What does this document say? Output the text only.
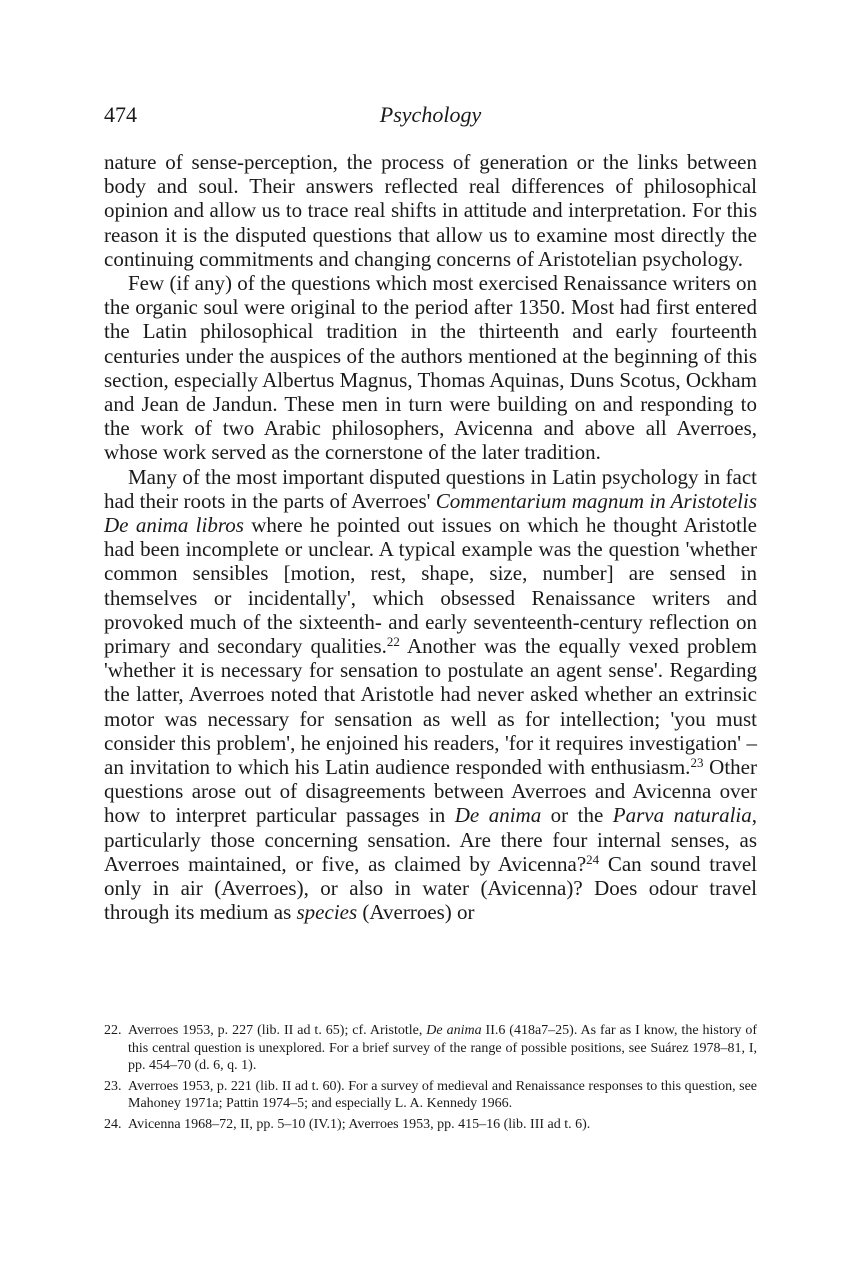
474	Psychology

nature of sense-perception, the process of generation or the links between body and soul. Their answers reflected real differences of philosophical opinion and allow us to trace real shifts in attitude and interpretation. For this reason it is the disputed questions that allow us to examine most directly the continuing commitments and changing concerns of Aristotelian psychology.

Few (if any) of the questions which most exercised Renaissance writers on the organic soul were original to the period after 1350. Most had first entered the Latin philosophical tradition in the thirteenth and early fourteenth centuries under the auspices of the authors mentioned at the beginning of this section, especially Albertus Magnus, Thomas Aquinas, Duns Scotus, Ockham and Jean de Jandun. These men in turn were building on and responding to the work of two Arabic philosophers, Avicenna and above all Averroes, whose work served as the cornerstone of the later tradition.

Many of the most important disputed questions in Latin psychology in fact had their roots in the parts of Averroes' Commentarium magnum in Aristotelis De anima libros where he pointed out issues on which he thought Aristotle had been incomplete or unclear. A typical example was the question 'whether common sensibles [motion, rest, shape, size, number] are sensed in themselves or incidentally', which obsessed Renaissance writers and provoked much of the sixteenth- and early seventeenth-century reflection on primary and secondary qualities.$^{22}$ Another was the equally vexed problem 'whether it is necessary for sensation to postulate an agent sense'. Regarding the latter, Averroes noted that Aristotle had never asked whether an extrinsic motor was necessary for sensation as well as for intellection; 'you must consider this problem', he enjoined his readers, 'for it requires investigation' – an invitation to which his Latin audience responded with enthusiasm.$^{23}$ Other questions arose out of disagreements between Averroes and Avicenna over how to interpret particular passages in De anima or the Parva naturalia, particularly those concerning sensation. Are there four internal senses, as Averroes maintained, or five, as claimed by Avicenna?$^{24}$ Can sound travel only in air (Averroes), or also in water (Avicenna)? Does odour travel through its medium as species (Averroes) or

22. Averroes 1953, p. 227 (lib. II ad t. 65); cf. Aristotle, De anima II.6 (418a7–25). As far as I know, the history of this central question is unexplored. For a brief survey of the range of possible positions, see Suárez 1978–81, I, pp. 454–70 (d. 6, q. 1).

23. Averroes 1953, p. 221 (lib. II ad t. 60). For a survey of medieval and Renaissance responses to this question, see Mahoney 1971a; Pattin 1974–5; and especially L. A. Kennedy 1966.

24. Avicenna 1968–72, II, pp. 5–10 (IV.1); Averroes 1953, pp. 415–16 (lib. III ad t. 6).
